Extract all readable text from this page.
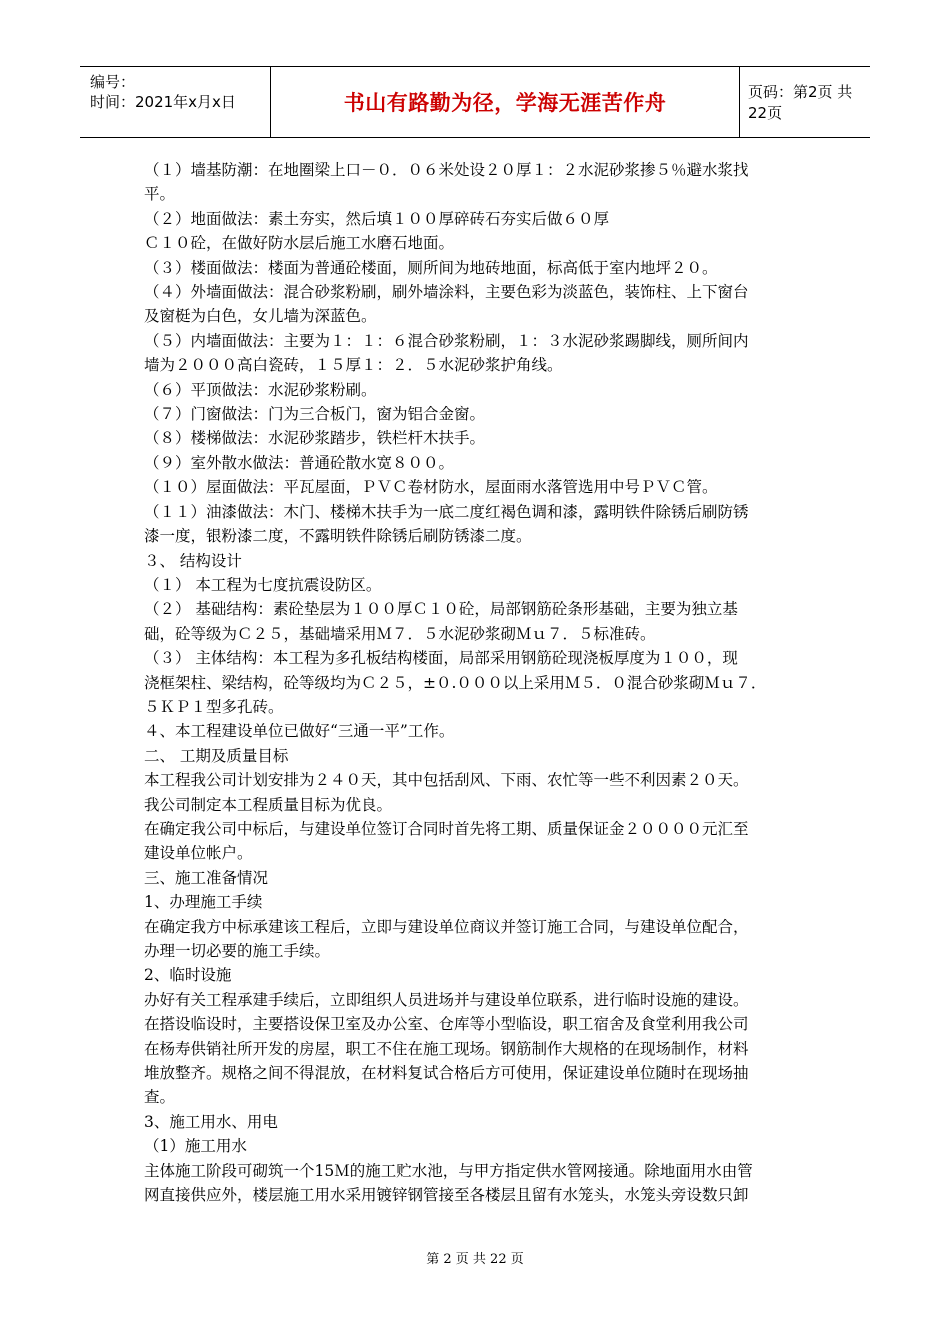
编号：
时间：2021年x月x日	书山有路勤为径，学海无涯苦作舟	页码：第2页 共22页

（１）墙基防潮：在地圈梁上口－０．０６米处设２０厚１：２水泥砂浆掺５％避水浆找

平。

（２）地面做法：素土夯实，然后填１００厚碎砖石夯实后做６０厚

Ｃ１０砼，在做好防水层后施工水磨石地面。

（３）楼面做法：楼面为普通砼楼面，厕所间为地砖地面，标高低于室内地坪２０。

（４）外墙面做法：混合砂浆粉刷，刷外墙涂料，主要色彩为淡蓝色，装饰柱、上下窗台

及窗梃为白色，女儿墙为深蓝色。

（５）内墙面做法：主要为１：１：６混合砂浆粉刷，１：３水泥砂浆踢脚线，厕所间内

墙为２０００高白瓷砖，１５厚１：２．５水泥砂浆护角线。

（６）平顶做法：水泥砂浆粉刷。

（７）门窗做法：门为三合板门，窗为铝合金窗。

（８）楼梯做法：水泥砂浆踏步，铁栏杆木扶手。

（９）室外散水做法：普通砼散水宽８００。

（１０）屋面做法：平瓦屋面，ＰＶＣ卷材防水，屋面雨水落管选用中号ＰＶＣ管。

（１１）油漆做法：木门、楼梯木扶手为一底二度红褐色调和漆，露明铁件除锈后刷防锈

漆一度，银粉漆二度，不露明铁件除锈后刷防锈漆二度。

３、 结构设计

（１） 本工程为七度抗震设防区。

（２） 基础结构：素砼垫层为１００厚Ｃ１０砼，局部钢筋砼条形基础，主要为独立基

础，砼等级为Ｃ２５，基础墙采用Ｍ７．５水泥砂浆砌Ｍｕ７．５标准砖。

（３） 主体结构：本工程为多孔板结构楼面，局部采用钢筋砼现浇板厚度为１００，现

浇框架柱、梁结构，砼等级均为Ｃ２５，±０.０００以上采用Ｍ５．０混合砂浆砌Ｍｕ７．

５ＫＰ１型多孔砖。

４、本工程建设单位已做好“三通一平”工作。

二、 工期及质量目标

本工程我公司计划安排为２４０天，其中包括刮风、下雨、农忙等一些不利因素２０天。

我公司制定本工程质量目标为优良。

在确定我公司中标后，与建设单位签订合同时首先将工期、质量保证金２００００元汇至

建设单位帐户。

三、施工准备情况

1、办理施工手续

在确定我方中标承建该工程后，立即与建设单位商议并签订施工合同，与建设单位配合，

办理一切必要的施工手续。

2、临时设施

办好有关工程承建手续后，立即组织人员进场并与建设单位联系，进行临时设施的建设。

在搭设临设时，主要搭设保卫室及办公室、仓库等小型临设，职工宿舍及食堂利用我公司

在杨寿供销社所开发的房屋，职工不住在施工现场。钢筋制作大规格的在现场制作，材料

堆放整齐。规格之间不得混放，在材料复试合格后方可使用，保证建设单位随时在现场抽

查。

3、施工用水、用电

（1）施工用水

主体施工阶段可砌筑一个15Ｍ的施工贮水池，与甲方指定供水管网接通。除地面用水由管

网直接供应外，楼层施工用水采用镀锌钢管接至各楼层且留有水笼头，水笼头旁设数只卸

第 2 页 共 22 页
